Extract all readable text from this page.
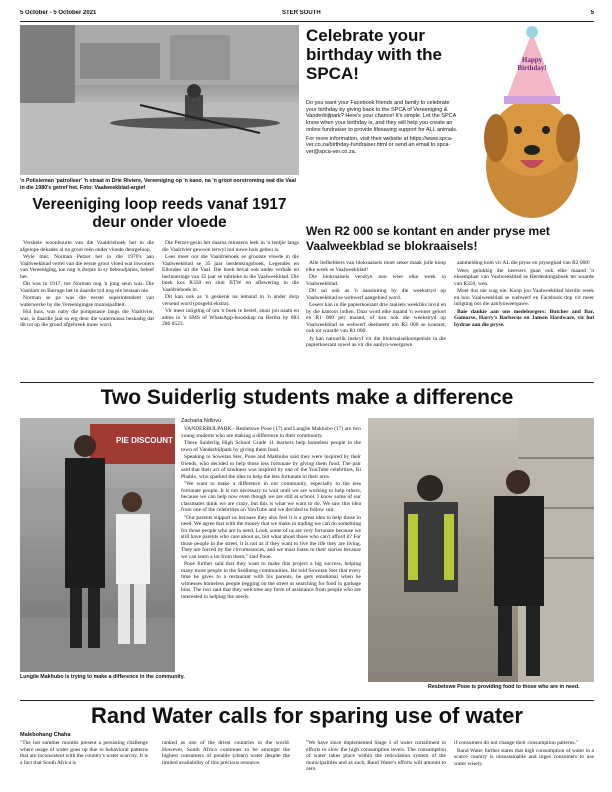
5 October - 5 October 2021	STER SOUTH	5
'n Polisieman 'patrolleer' 'n straat in Drie Riviere, Vereeniging op 'n kano, na 'n groot oorstroming wat die Vaal in die 1980's getref het. Foto: Vaalweekblad-argief
Vereeniging loop reeds vanaf 1917 deur onder vloede

Verskeie woonbuurte van die Vaaldriehoek het in die afgelope dekades al na groot reën onder vloede deurgeloop.

Wyle mnr. Norman Petzer het in die 1970's aan Vaalweekblad vertel van die eerste groot vloed wat inwoners van Vereeniging, toe nog 'n dorpie in sy beboudjaries, beleef het.

Dit was in 1917, toe Norman nog 'n jong seun was. Die Vaaldam en Barrage het in daardie tyd nog nie bestaan nie.

Norman se pa was die eerste superintendent van waterwerke by die Vereenigingse munisipaliteit.

Hul huis, was naby die pompstasie langs die Vaalrivier, was, is daardie jaar so erg deur die watermassa beskadig dat dit tot op die grond afgebreek moes word.

Die Petzer-gesin het daarna minstens leek in 'n tentjie langs die Vaalrivier gewoon terwyl hul nuwe huis gebou is.

Lees meer oor die Vaaldriehoek se grootste vloede in die Vaalweekblad se 35 jaar herdenkingsboek, Legendes en Eltondes uit die Vaal. Die boek bevat ook ander verhale en herinneringe van 35 jaar se rubrieke in die Vaalweekblad. Die boek kos R350 en sluit BTW en aflewering in die Vaaldriehoek in.

Dit kan ook as 'n geskenk na iemand in 'n ander dorp versend word (posgeld ekstra).

Vir meer inligting of om 'n boek te bestel, stuur jou naam en adres in 'n SMS of WhatsApp-boodskap na Bertha by 083 286 0523.

Celebrate your birthday with the SPCA!

Do you want your Facebook friends and family to celebrate your birthday by giving back to the SPCA of Vereeniging & Vanderbijlpark? Here's your chance! It's simple. Let the SPCA know when your birthday is, and they will help you create an online fundraiser to provide lifesaving support for ALL animals.

For more information, visit their website at https://www.spca-ver.co.za/birthday-fundraiser.html or send an email to spca-ver@spca-ver.co.za.

Happy Birthday!
Wen R2 000 se kontant en ander pryse met Vaalweekblad se blokraaisels!

Alle liefhebbers van blokraaisels moet seker maak julle koop elke week se Vaalweekblad!

Die blokraaisels verskyn nou weer elke week in Vaalweekblad.

Dit sal ook as 'n aansluiting by die weekstryd op Vaalweekblad se webwerf aangebied word.

Lesers kan in die papierkoerant drie raaisels weekliks invul en by die kantoor indien. Daar word elke maand 'n wenner geloot en R1 000 per maand, of kan ook die weekstryd op Vaalweekblad se webwerf deelneem om R2 000 se kontant, ook tot waarde van R1 000.

Jy kan natuurlik inskryf vir die blokraaiselkompetisie in die papierkoerant sowel as vir die aanlyn-weergawe.

aanmelding kom vir AL die pryse en pryseghad van R2 000!

Wees gelukkig die heersers gaan ook elke maand 'n eksemplaar van Vaalweekblad se Herdenkingsboek ter waarde van R350, wen.

Moet dus nie wag nie. Koop jou Vaalweekblad hierdie week en hou Vaalweekblad se webwerf en Facebook dop vir meer inligting oor die aanlynweergawe.

Baie dankie aan ons medeborgers: Butcher and Bar, Gomorse, Harry's Barbecue en Jansen Hardware, vir hul bydrae aan die pryse.

Two Suiderlig students make a difference
PIE DISCOUNT
Lungile Makhubo is trying to make a difference in the community.
Zacharia Ndlovu

VANDERBIJLPARK.- Resbetswe Pooe (17) and Lungile Makhubo (17) are two young students who are making a difference in their community.

These Suiderlig High School Grade 11 learners help homeless people in the town of Vanderbijlpark by giving them food.

Speaking to Sowetan Ster, Pooe and Makhubo said they were inspired by their friends, who decided to help those less fortunate by giving them food. The pair said that their act of kindness was inspired by one of the YouTube celebrities, Ri Phahlo, who sparked the idea to help the less fortunate in their area.

"We want to make a difference in our community, especially to the less fortunate people. It is not necessary to wait until we are working to help others, because we can help now even though we are still at school. I know some of our classmates think we are crazy, but this is what we want to do. We saw this idea from one of the celebrities on YouTube and we decided to follow suit.

"Our parents support us because they also feel it is a great idea to help those in need. We agree that with the money that we make in trading we can do something for those people who are in need. Look, some of us are very fortunate because we still have parents who care about us, but what about those who can't afford it? For those people in the street, it is not as if they want to live the life they are living. They are forced by the circumstances, and we must listen to their stories because we can learn a lot from them," said Pooe.

Pooe further said that they want to make this project a big success, helping many more people in the Sedibeng communities. He told Sowetan Ster that every time he gives to a restaurant with his parents, he gets emotional when he witnesses homeless people begging on the street or searching for food in garbage bins. The two said that they welcome any form of assistance from people who are interested in helping the needy.

Resbetswe Pooe is providing food to those who are in need.
Rand Water calls for sparing use of water
Malebohang Chaha

"The hot summer months present a persisting challenge where usage of water goes up due to behavioral patterns that are inconsistent with the country's water scarcity. It is a fact that South Africa is

ranked as one of the driest countries in the world. However, South Africa continues to be amongst the highest consumers of potable (clean) water despite the limited availability of this precious resource.

"We have since implemented Stage 1 of water curtailment in efforts to slow the high consumption levels. The consumption of water takes place within the reticulation system of the municipalities and as such, Rand Water's efforts will amount to zero

if consumers do not change their consumption patterns."

Rand Water further states that high consumption of water in a scarce country is unsustainable and urges consumers to use water wisely.
